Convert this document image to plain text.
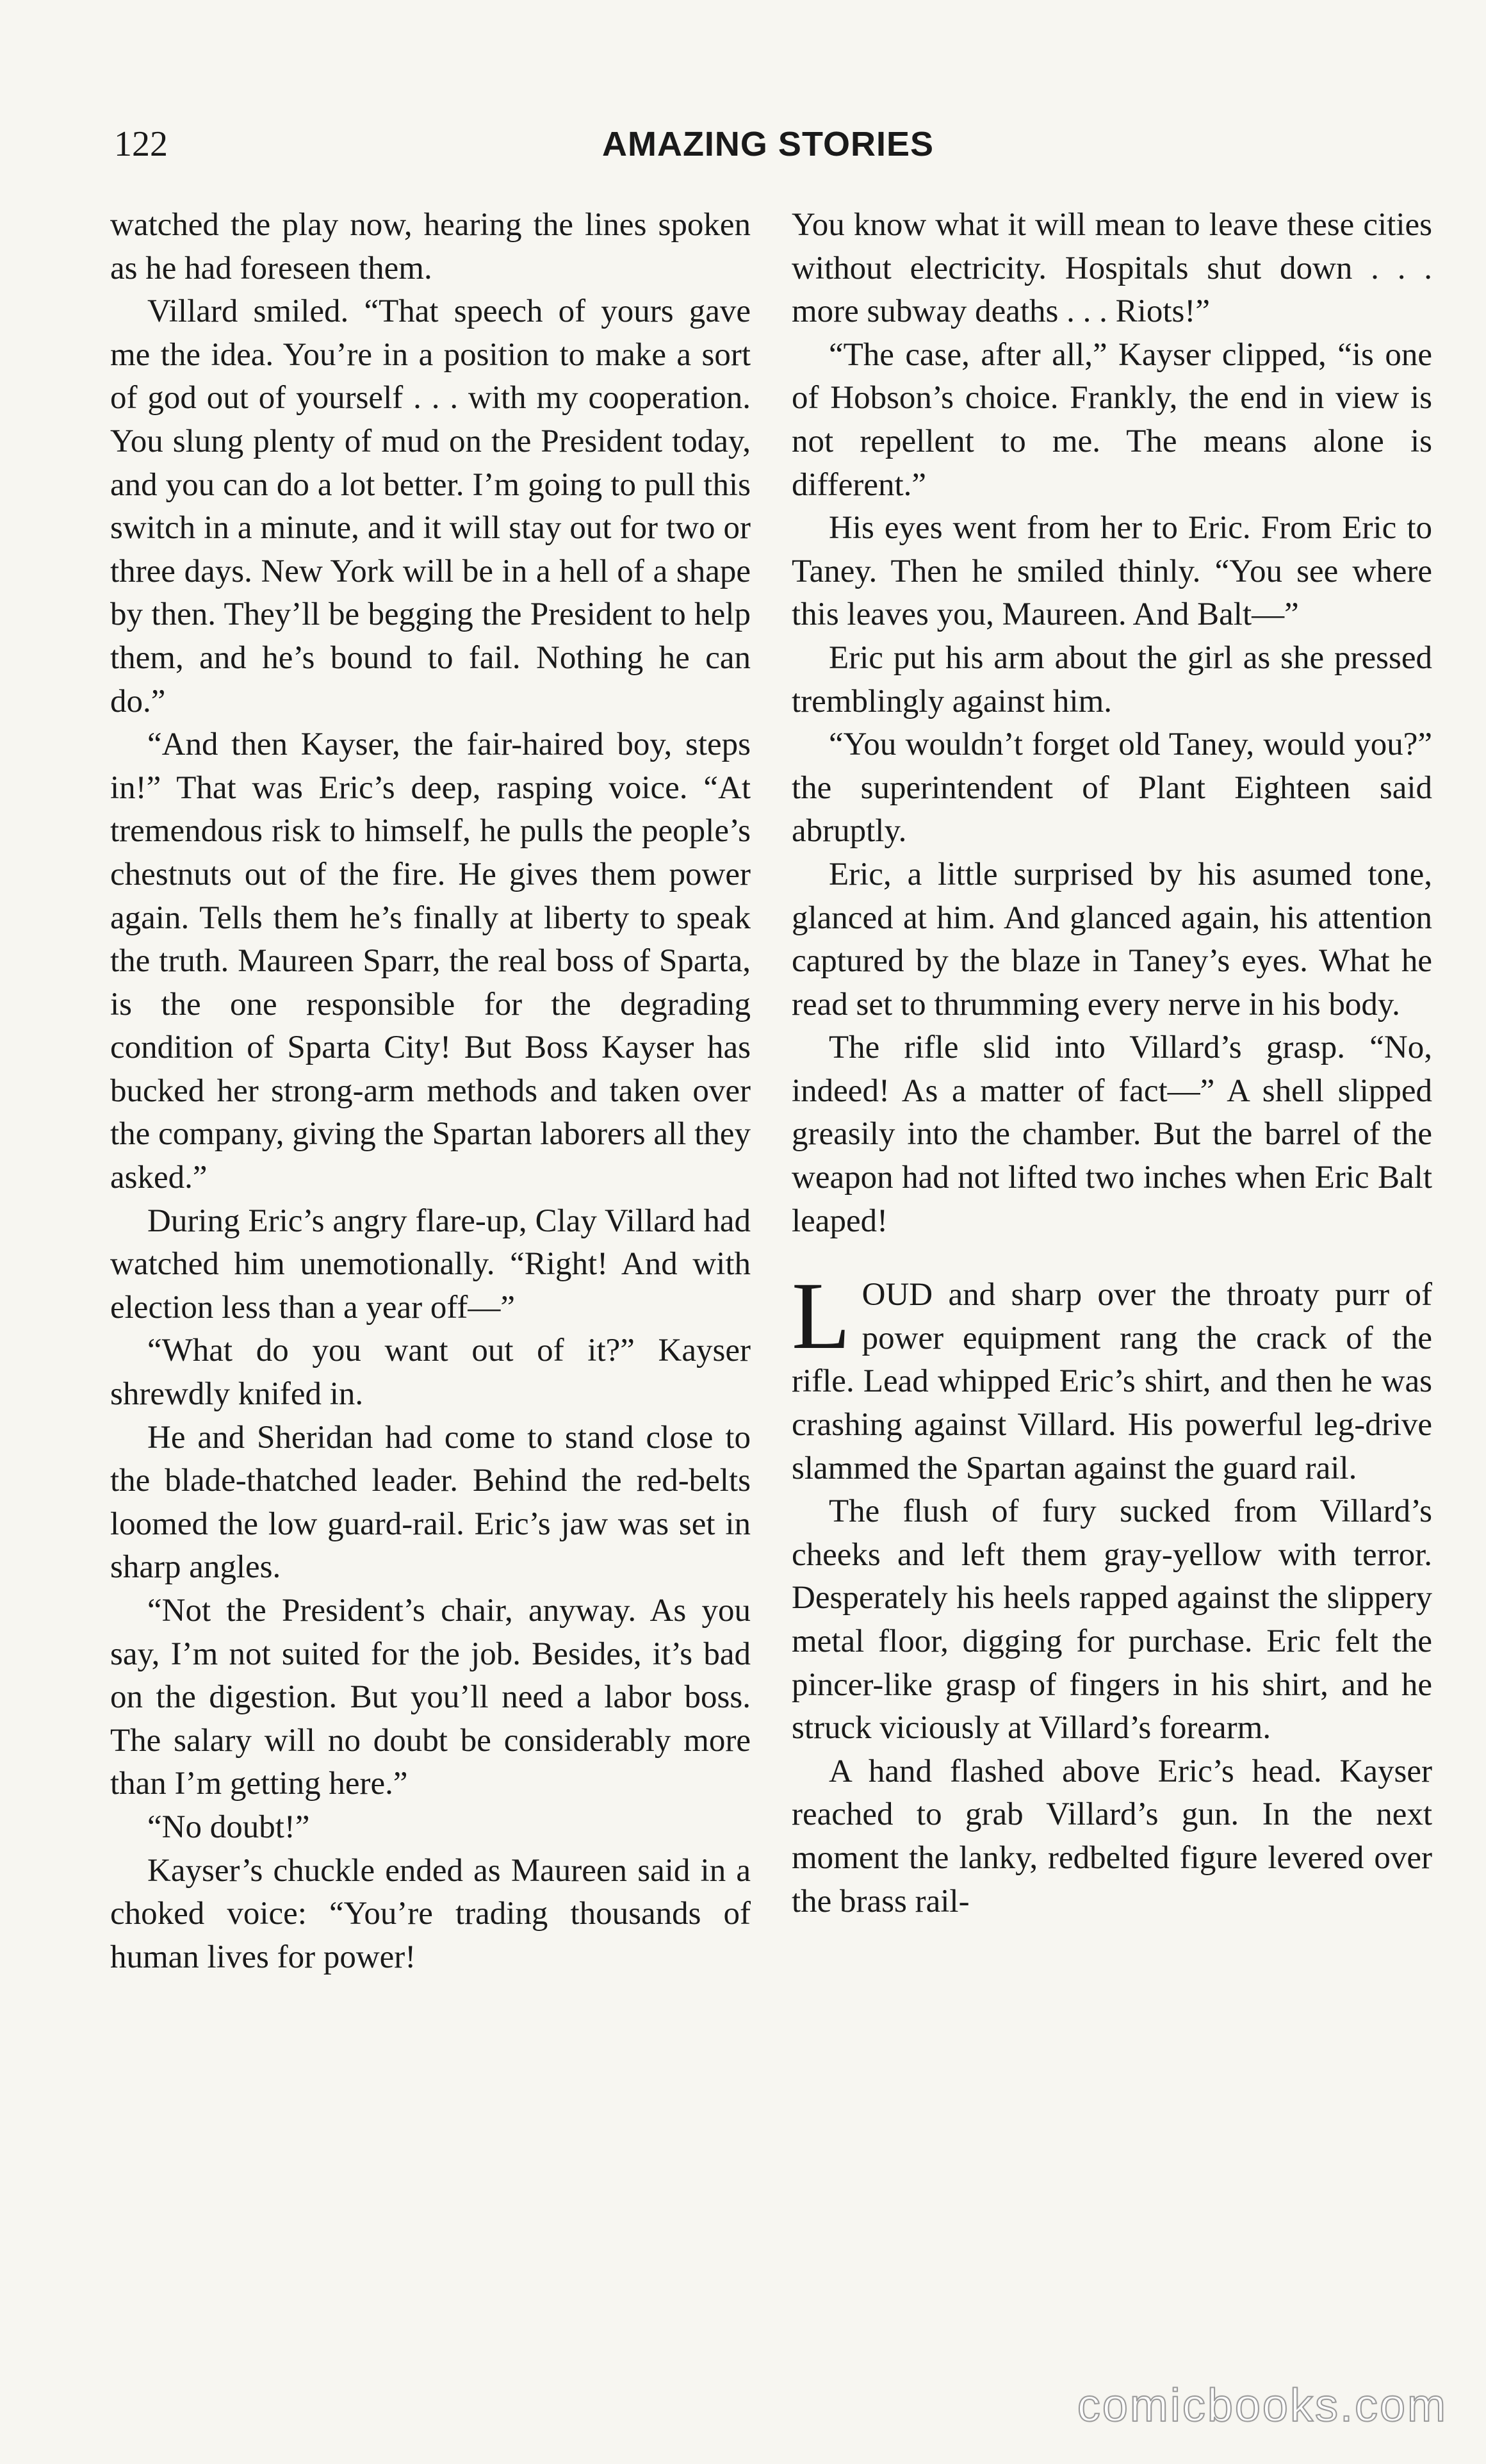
122	AMAZING STORIES

watched the play now, hearing the lines spoken as he had foreseen them.

Villard smiled. “That speech of yours gave me the idea. You’re in a position to make a sort of god out of yourself . . . with my cooperation. You slung plenty of mud on the President today, and you can do a lot better. I’m going to pull this switch in a minute, and it will stay out for two or three days. New York will be in a hell of a shape by then. They’ll be begging the President to help them, and he’s bound to fail. Nothing he can do.”

“And then Kayser, the fair-haired boy, steps in!” That was Eric’s deep, rasping voice. “At tremendous risk to himself, he pulls the people’s chestnuts out of the fire. He gives them power again. Tells them he’s finally at liberty to speak the truth. Maureen Sparr, the real boss of Sparta, is the one responsible for the degrading condition of Sparta City! But Boss Kayser has bucked her strong-arm methods and taken over the company, giving the Spartan laborers all they asked.”

During Eric’s angry flare-up, Clay Villard had watched him unemotionally. “Right! And with election less than a year off—”

“What do you want out of it?” Kayser shrewdly knifed in.

He and Sheridan had come to stand close to the blade-thatched leader. Behind the red-belts loomed the low guard-rail. Eric’s jaw was set in sharp angles.

“Not the President’s chair, anyway. As you say, I’m not suited for the job. Besides, it’s bad on the digestion. But you’ll need a labor boss. The salary will no doubt be considerably more than I’m getting here.”

“No doubt!”

Kayser’s chuckle ended as Maureen said in a choked voice: “You’re trading thousands of human lives for power!

You know what it will mean to leave these cities without electricity. Hospitals shut down . . . more subway deaths . . . Riots!”

“The case, after all,” Kayser clipped, “is one of Hobson’s choice. Frankly, the end in view is not repellent to me. The means alone is different.”

His eyes went from her to Eric. From Eric to Taney. Then he smiled thinly. “You see where this leaves you, Maureen. And Balt—”

Eric put his arm about the girl as she pressed tremblingly against him.

“You wouldn’t forget old Taney, would you?” the superintendent of Plant Eighteen said abruptly.

Eric, a little surprised by his asumed tone, glanced at him. And glanced again, his attention captured by the blaze in Taney’s eyes. What he read set to thrumming every nerve in his body.

The rifle slid into Villard’s grasp. “No, indeed! As a matter of fact—” A shell slipped greasily into the chamber. But the barrel of the weapon had not lifted two inches when Eric Balt leaped!

LOUD and sharp over the throaty purr of power equipment rang the crack of the rifle. Lead whipped Eric’s shirt, and then he was crashing against Villard. His powerful leg-drive slammed the Spartan against the guard rail.

The flush of fury sucked from Villard’s cheeks and left them gray-yellow with terror. Desperately his heels rapped against the slippery metal floor, digging for purchase. Eric felt the pincer-like grasp of fingers in his shirt, and he struck viciously at Villard’s forearm.

A hand flashed above Eric’s head. Kayser reached to grab Villard’s gun. In the next moment the lanky, redbelted figure levered over the brass rail-

comicbooks.com
